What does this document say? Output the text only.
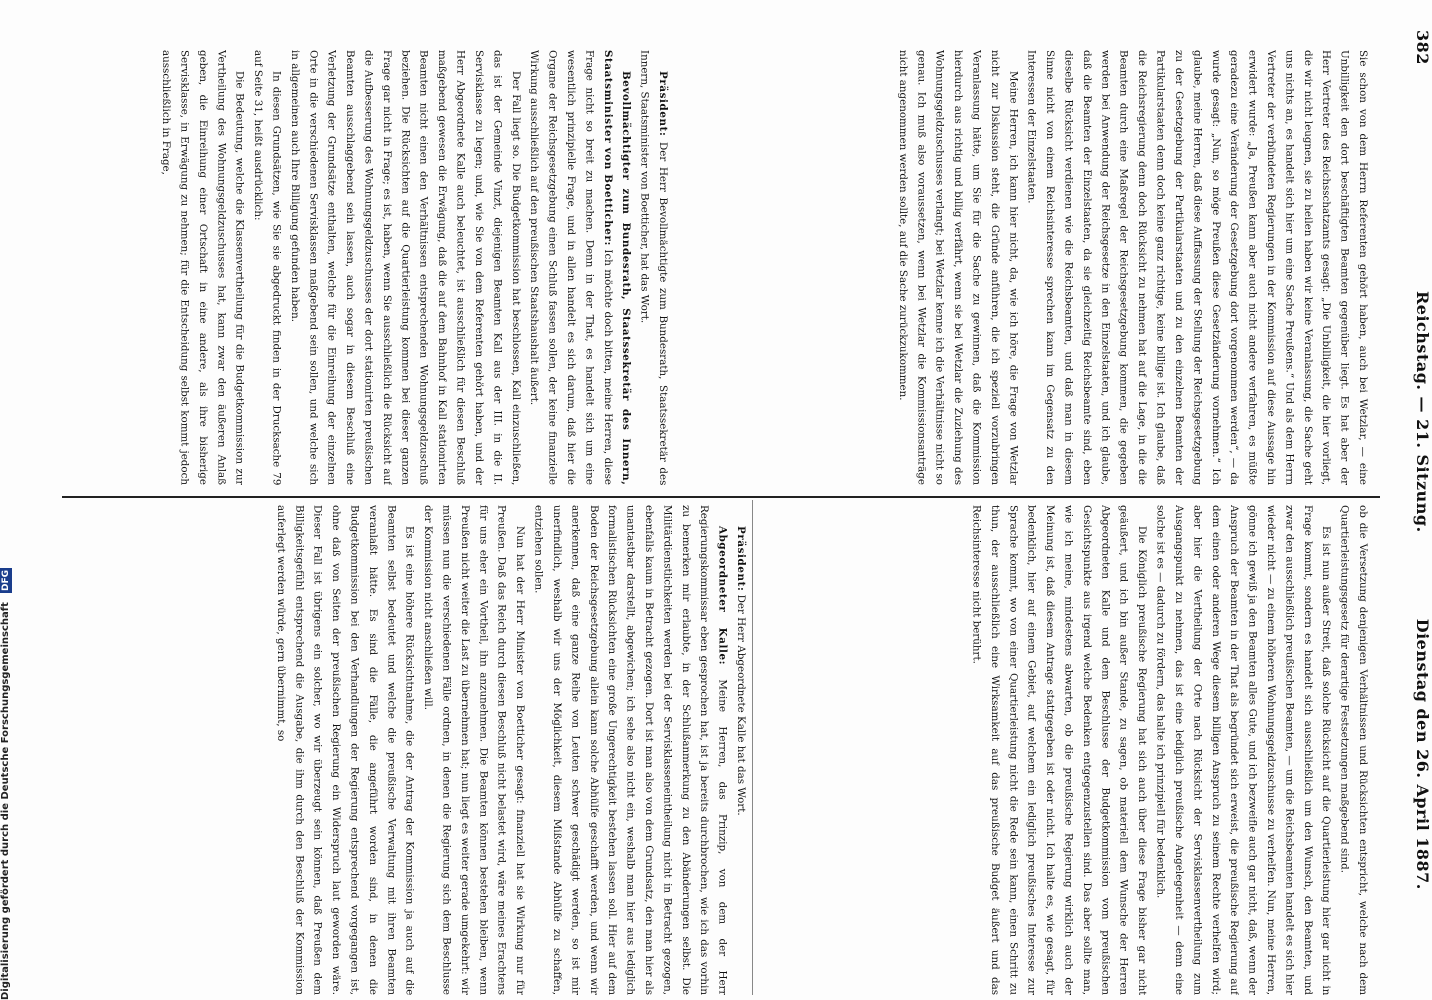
382 Reichstag. — 21. Sitzung. Dienstag den 26. April 1887.

Sie schon von dem Herrn Referenten gehört haben, auch bei Wetzlar, — eine Unbilligkeit den dort beschäftigten Beamten gegenüber liegt. Es hat aber der Herr Vertreter des Reichsschatzamts gesagt: „Die Unbilligkeit, die hier vorliegt, die wir nicht leugnen, sie zu heilen haben wir keine Veranlassung, die Sache geht uns nichts an, es handelt sich hier um eine Sache Preußens.“ Und als dem Herrn Vertreter der verbündeten Regierungen in der Kommission auf diese Aussage hin erwidert wurde: „Ja, Preußen kann aber auch nicht andere verfahren, es müßte geradezu eine Veränderung der Gesetzgebung dort vorgenommen werden“, — da wurde gesagt: „Nun, so möge Preußen diese Gesetzänderung vornehmen.“ Ich glaube, meine Herren, daß diese Auffassung der Stellung der Reichsgesetzgebung zu der Gesetzgebung der Partikularstaaten und zu den einzelnen Beamten der Partikularstaaten denn doch keine ganz richtige, keine billige ist. Ich glaube, daß die Reichsregierung denn doch Rücksicht zu nehmen hat auf die Lage, in die die Beamten durch eine Maßregel der Reichsgesetzgebung kommen, die gegeben werden bei Anwendung der Reichsgesetze in den Einzelstaaten, und ich glaube, daß die Beamten der Einzelstaaten, da sie gleichzeitig Reichsbeamte sind, eben dieselbe Rücksicht verdienen wie die Reichsbeamten, und daß man in diesem Sinne nicht von einem Reichsinteresse sprechen kann im Gegensatz zu den Interessen der Einzelstaaten.

Meine Herren, ich kann hier nicht, da, wie ich höre, die Frage von Wetzlar nicht zur Diskussion steht, die Gründe anführen, die ich speziell vorzubringen Veranlassung hätte, um Sie für die Sache zu gewinnen, daß die Kommission hierdurch aus richtig und billig verfährt, wenn sie bei Wetzlar die Zuziehung des Wohnungsgeldzuschusses verlangt; bei Wetzlar kenne ich die Verhältnisse nicht so genau. Ich muß also voraussetzen, wenn bei Wetzlar die Kommissionsanträge nicht angenommen werden sollte, auf die Sache zurückzukommen.

Präsident: Der Herr Bevollmächtigte zum Bundesrath, Staatssekretär des Innern, Staatsminister von Boetticher, hat das Wort.

Bevollmächtigter zum Bundesrath, Staatssekretär des Innern, Staatsminister von Boetticher: Ich möchte doch bitten, meine Herren, diese Frage nicht so breit zu machen. Denn in der That, es handelt sich um eine wesentlich prinzipielle Frage, und in allen handelt es sich darum, daß hier die Organe der Reichsgesetzgebung einen Schluß fassen sollen, der keine finanzielle Wirkung ausschließlich auf den preußischen Staatshaushalt äußert.

Der Fall liegt so. Die Budgetkommission hat beschlossen, Kall einzuschließen, das ist der Gemeinde Vinzt, diejenigen Beamten Kall aus der III. in die II. Servisklasse zu legen; und, wie Sie von dem Referenten gehört haben, und der Herr Abgeordnete Kalle auch beleuchtet, ist ausschließlich für diesen Beschluß maßgebend gewesen die Erwägung, daß die auf dem Bahnhof in Kall stationirten Beamten nicht einen den Verhältnissen entsprechenden Wohnungsgeldzuschuß beziehen. Die Rücksichten auf die Quartierleistung kommen bei dieser ganzen Frage gar nicht in Frage; es ist, haben, wenn Sie ausschließlich die Rücksicht auf die Aufbesserung des Wohnungsgeldzuschusses der dort stationirten preußischen Beamten ausschlaggebend sein lassen, auch sogar in diesem Beschluß eine Verletzung der Grundsätze enthalten, welche für die Einreihung der einzelnen Orte in die verschiedenen Servisklassen maßgebend sein sollen, und welche sich in allgemeinen auch Ihre Billigung gefunden haben.

In diesen Grundsätzen, wie Sie sie abgedruckt finden in der Drucksache 79 auf Seite 31, heißt ausdrücklich:

Die Bedeutung, welche die Klassenvertheilung für die Budgetkommission zur Vertheilung des Wohnungsgeldzuschusses hat, kann zwar den äußeren Anlaß geben, die Einreihung einer Ortschaft in eine andere, als ihre bisherige Servisklasse, in Erwägung zu nehmen; für die Entscheidung selbst kommt jedoch ausschließlich in Frage,

ob die Versetzung denjenigen Verhältnissen und Rücksichten entspricht, welche nach dem Quartierleistungsgesetz für derartige Festsetzungen maßgebend sind.

Es ist nun außer Streit, daß solche Rücksicht auf die Quartierleistung hier gar nicht in Frage kommt, sondern es handelt sich ausschließlich um den Wunsch, den Beamten, und zwar den ausschließlich preußischen Beamten, — um die Reichsbeamten handelt es sich hier wieder nicht — zu einem höheren Wohnungsgeldzuschusse zu verhelfen. Nun, meine Herren, gönne ich gewiß ja den Beamten alles Gute, und ich bezweifle auch gar nicht, daß, wenn der Anspruch der Beamten in der That als begründet sich erweist, die preußische Regierung auf dem einen oder anderen Wege diesem billigen Anspruch zu seinem Rechte verhelfen wird; aber hier die Vertheilung der Orte nach Rücksicht der Servisklassenvertheilung zum Ausgangspunkt zu nehmen, das ist eine lediglich preußische Angelegenheit — denn eine solche ist es — dadurch zu fördern, das halte ich prinzipiell für bedenklich.

Die Königlich preußische Regierung hat sich auch über diese Frage bisher gar nicht geäußert, und ich bin außer Stande, zu sagen, ob materiell dem Wunsche der Herren Abgeordneten Kalle und dem Beschlusse der Budgetkommission vom preußischen Gesichtspunkte aus irgend welche Bedenken entgegenzustellen sind. Das aber sollte man, wie ich meine, mindestens abwarten, ob die preußische Regierung wirklich auch der Meinung ist, daß diesem Antrage stattgegeben ist oder nicht. Ich halte es, wie gesagt, für bedenklich, hier auf einem Gebiet, auf welchem ein lediglich preußisches Interesse zur Sprache kommt, wo von einer Quartierleistung nicht die Rede sein kann, einen Schritt zu thun, der ausschließlich eine Wirksamkeit auf das preußische Budget äußert und das Reichsinteresse nicht berührt.

Präsident: Der Herr Abgeordnete Kalle hat das Wort.

Abgeordneter Kalle: Meine Herren, das Prinzip, von dem der Herr Regierungskommissar eben gesprochen hat, ist ja bereits durchbrochen, wie ich das vorhin zu bemerken mir erlaubte, in der Schlußanmerkung zu den Abänderungen selbst. Die Militärdienstlichkeiten werden bei der Servisklasseneintheilung nicht in Betracht gezogen, ebenfalls kaum in Betracht gezogen. Dort ist man also von dem Grundsatz, den man hier als unantastbar darstellt, abgewichen; ich sehe also nicht ein, weshalb man hier aus lediglich formalistischen Rücksichten eine große Ungerechtigkeit bestehen lassen soll. Hier auf dem Boden der Reichsgesetzgebung allein kann solche Abhülfe geschafft werden, und wenn wir anerkennen, daß eine ganze Reihe von Leuten schwer geschädigt werden, so ist mir unerfindlich, weshalb wir uns der Möglichkeit, diesem Mißstande Abhülfe zu schaffen, entziehen sollen.

Nun hat der Herr Minister von Boetticher gesagt: finanziell hat sie Wirkung nur für Preußen. Daß das Reich durch diesen Beschluß nicht belastet wird, wäre meines Erachtens für uns eher ein Vortheil, ihn anzunehmen. Die Beamten können bestehen bleiben, wenn Preußen nicht weiter die Last zu übernehmen hat; nun liegt es weiter gerade umgekehrt: wir müssen nun die verschiedenen Fälle ordnen, in denen die Regierung sich dem Beschlusse der Kommission nicht anschließen will.

Es ist eine höhere Rücksichtnahme, die der Antrag der Kommission ja auch auf die Beamten selbst bedeutet und welche die preußische Verwaltung mit ihren Beamten veranlaßt hätte. Es sind die Fälle, die angeführt worden sind, in denen die Budgetkommission bei den Verhandlungen der Regierung entsprechend vorgegangen ist, ohne daß von Seiten der preußischen Regierung ein Widerspruch laut geworden wäre. Dieser Fall ist übrigens ein solcher, wo wir überzeugt sein können, daß Preußen dem Billigkeitsgefühl entsprechend die Ausgabe, die ihm durch den Beschluß der Kommission auferlegt werden würde, gern übernimmt, so

Digitalisierung gefördert durch die Deutsche Forschungsgemeinschaft DFG
